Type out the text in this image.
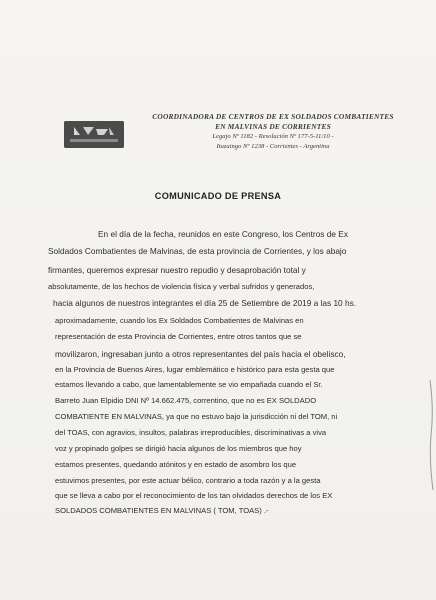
COORDINADORA DE CENTROS DE EX SOLDADOS COMBATIENTES
EN MALVINAS DE CORRIENTES
Legajo Nº 1182 - Resolución Nº 177-5-11/10 -
Ituzaingo Nº 1238 - Corrientes - Argentina
COMUNICADO DE PRENSA
En el día de la fecha, reunidos en este Congreso, los Centros de Ex
Soldados Combatientes de Malvinas, de esta provincia de Corrientes, y los abajo
firmantes, queremos expresar nuestro repudio y desaprobación total y
absolutamente, de los hechos de violencia física y verbal sufridos y generados,
hacia algunos de nuestros integrantes el día 25 de Setiembre de 2019 a las 10 hs.
aproximadamente, cuando los Ex Soldados Combatientes de Malvinas en
representación de esta Provincia de Corrientes, entre otros tantos que se
movilizaron, ingresaban junto a otros representantes del país hacia el obelisco,
en la Provincia de Buenos Aires, lugar emblemático e histórico para esta gesta que
estamos llevando a cabo, que lamentablemente se vio empañada cuando el Sr.
Barreto Juan Elpidio DNI Nº 14.662.475, correntino, que no es EX SOLDADO
COMBATIENTE EN MALVINAS, ya que no estuvo bajo la jurisdicción ni del TOM, ni
del TOAS, con agravios, insultos, palabras irreproducibles, discriminativas a viva
voz y propinado golpes se dirigió hacia algunos de los miembros que hoy
estamos presentes, quedando atónitos y en estado de asombro los que
estuvimos presentes, por este actuar bélico, contrario a toda razón y a la gesta
que se lleva a cabo por el reconocimiento de los tan olvidados derechos de los EX
SOLDADOS COMBATIENTES EN MALVINAS ( TOM, TOAS) .-
